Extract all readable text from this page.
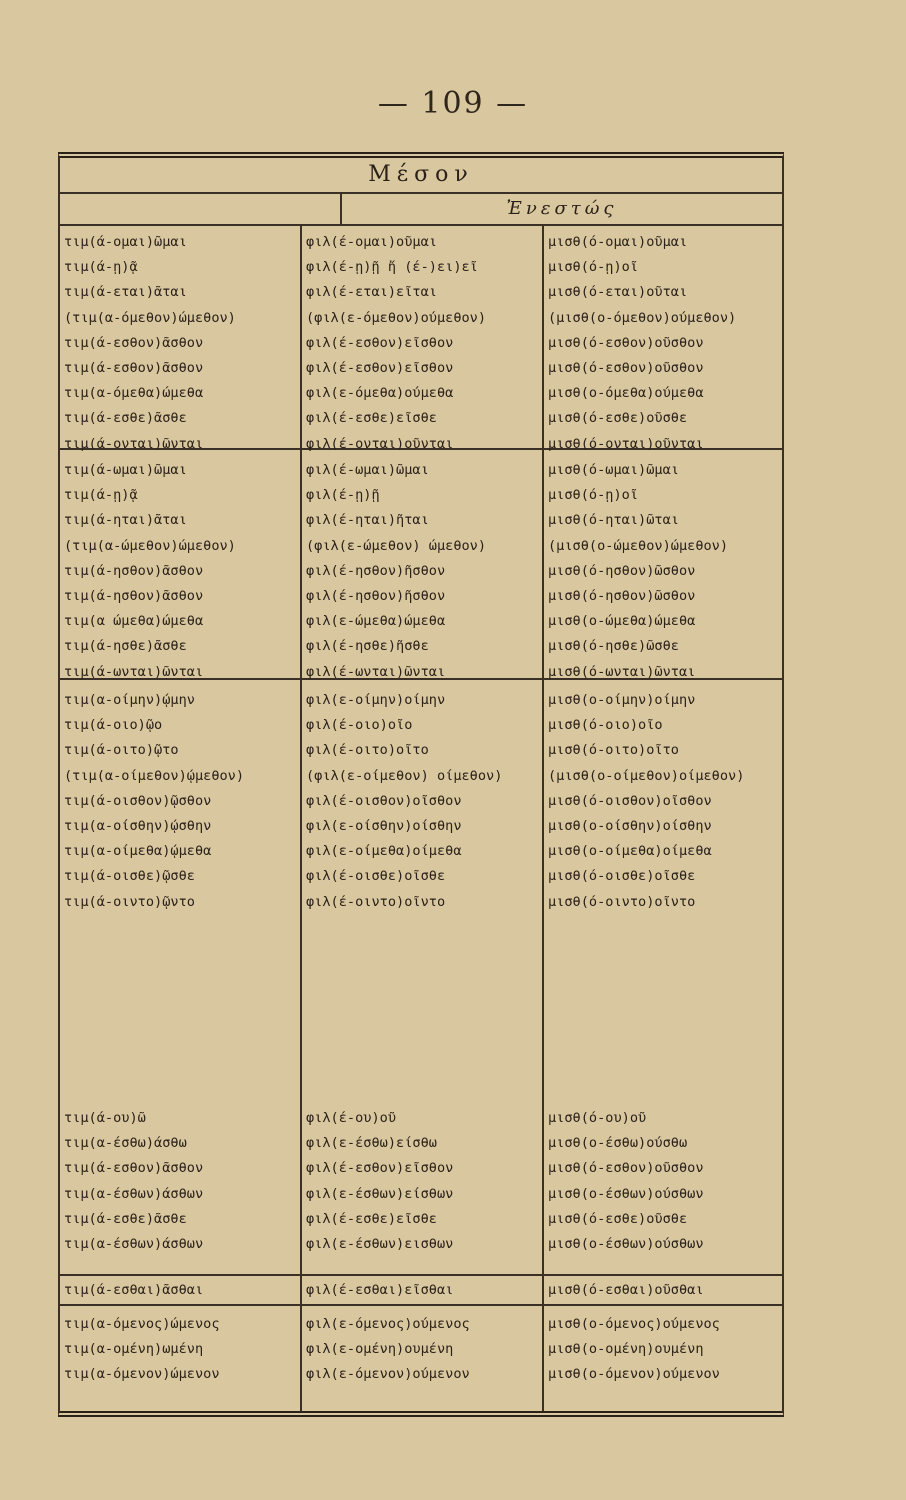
— 109 —
Μέσον
Ἐνεστώς
τιμ(ά-ομαι)ῶμαι	φιλ(έ-ομαι)οῦμαι	μισθ(ό-ομαι)οῦμαι
τιμ(ά-ῃ)ᾷ	φιλ(έ-ῃ)ῇ ἤ (έ-)ει)εῖ	μισθ(ό-ῃ)οῖ
τιμ(ά-εται)ᾶται	φιλ(έ-εται)εῖται	μισθ(ό-εται)οῦται
(τιμ(α-όμεθον)ώμεθον)	(φιλ(ε-όμεθον)ούμεθον)	(μισθ(ο-όμεθον)ούμεθον)
τιμ(ά-εσθον)ᾶσθον	φιλ(έ-εσθον)εῖσθον	μισθ(ό-εσθον)οῦσθον
τιμ(ά-εσθον)ᾶσθον	φιλ(έ-εσθον)εῖσθον	μισθ(ό-εσθον)οῦσθον
τιμ(α-όμεθα)ώμεθα	φιλ(ε-όμεθα)ούμεθα	μισθ(ο-όμεθα)ούμεθα
τιμ(ά-εσθε)ᾶσθε	φιλ(έ-εσθε)εῖσθε	μισθ(ό-εσθε)οῦσθε
τιμ(ά-ονται)ῶνται	φιλ(έ-ονται)οῦνται	μισθ(ό-ονται)οῦνται
τιμ(ά-ωμαι)ῶμαι	φιλ(έ-ωμαι)ῶμαι	μισθ(ό-ωμαι)ῶμαι
τιμ(ά-ῃ)ᾷ	φιλ(έ-ῃ)ῇ	μισθ(ό-ῃ)οῖ
τιμ(ά-ηται)ᾶται	φιλ(έ-ηται)ῆται	μισθ(ό-ηται)ῶται
(τιμ(α-ώμεθον)ώμεθον)	(φιλ(ε-ώμεθον) ώμεθον)	(μισθ(ο-ώμεθον)ώμεθον)
τιμ(ά-ησθον)ᾶσθον	φιλ(έ-ησθον)ῆσθον	μισθ(ό-ησθον)ῶσθον
τιμ(ά-ησθον)ᾶσθον	φιλ(έ-ησθον)ῆσθον	μισθ(ό-ησθον)ῶσθον
τιμ(α ώμεθα)ώμεθα	φιλ(ε-ώμεθα)ώμεθα	μισθ(ο-ώμεθα)ώμεθα
τιμ(ά-ησθε)ᾶσθε	φιλ(έ-ησθε)ῆσθε	μισθ(ό-ησθε)ῶσθε
τιμ(ά-ωνται)ῶνται	φιλ(έ-ωνται)ῶνται	μισθ(ό-ωνται)ῶνται
τιμ(α-οίμην)ῴμην	φιλ(ε-οίμην)οίμην	μισθ(ο-οίμην)οίμην
τιμ(ά-οιο)ῷο	φιλ(έ-οιο)οῖο	μισθ(ό-οιο)οῖο
τιμ(ά-οιτο)ῷτο	φιλ(έ-οιτο)οῖτο	μισθ(ό-οιτο)οῖτο
(τιμ(α-οίμεθον)ῴμεθον)	(φιλ(ε-οίμεθον) οίμεθον)	(μισθ(ο-οίμεθον)οίμεθον)
τιμ(ά-οισθον)ῷσθον	φιλ(έ-οισθον)οῖσθον	μισθ(ό-οισθον)οῖσθον
τιμ(α-οίσθην)ῴσθην	φιλ(ε-οίσθην)οίσθην	μισθ(ο-οίσθην)οίσθην
τιμ(α-οίμεθα)ῴμεθα	φιλ(ε-οίμεθα)οίμεθα	μισθ(ο-οίμεθα)οίμεθα
τιμ(ά-οισθε)ῷσθε	φιλ(έ-οισθε)οῖσθε	μισθ(ό-οισθε)οῖσθε
τιμ(ά-οιντο)ῷντο	φιλ(έ-οιντο)οῖντο	μισθ(ό-οιντο)οῖντο
τιμ(ά-ου)ῶ	φιλ(έ-ου)οῦ	μισθ(ό-ου)οῦ
τιμ(α-έσθω)άσθω	φιλ(ε-έσθω)είσθω	μισθ(ο-έσθω)ούσθω
τιμ(ά-εσθον)ᾶσθον	φιλ(έ-εσθον)εῖσθον	μισθ(ό-εσθον)οῦσθον
τιμ(α-έσθων)άσθων	φιλ(ε-έσθων)είσθων	μισθ(ο-έσθων)ούσθων
τιμ(ά-εσθε)ᾶσθε	φιλ(έ-εσθε)εῖσθε	μισθ(ό-εσθε)οῦσθε
τιμ(α-έσθων)άσθων	φιλ(ε-έσθων)εισθων	μισθ(ο-έσθων)ούσθων
τιμ(ά-εσθαι)ᾶσθαι	φιλ(έ-εσθαι)εῖσθαι	μισθ(ό-εσθαι)οῦσθαι
τιμ(α-όμενος)ώμενος	φιλ(ε-όμενος)ούμενος	μισθ(ο-όμενος)ούμενος
τιμ(α-ομένη)ωμένη	φιλ(ε-ομένη)ουμένη	μισθ(ο-ομένη)ουμένη
τιμ(α-όμενον)ώμενον	φιλ(ε-όμενον)ούμενον	μισθ(ο-όμενον)ούμενον
